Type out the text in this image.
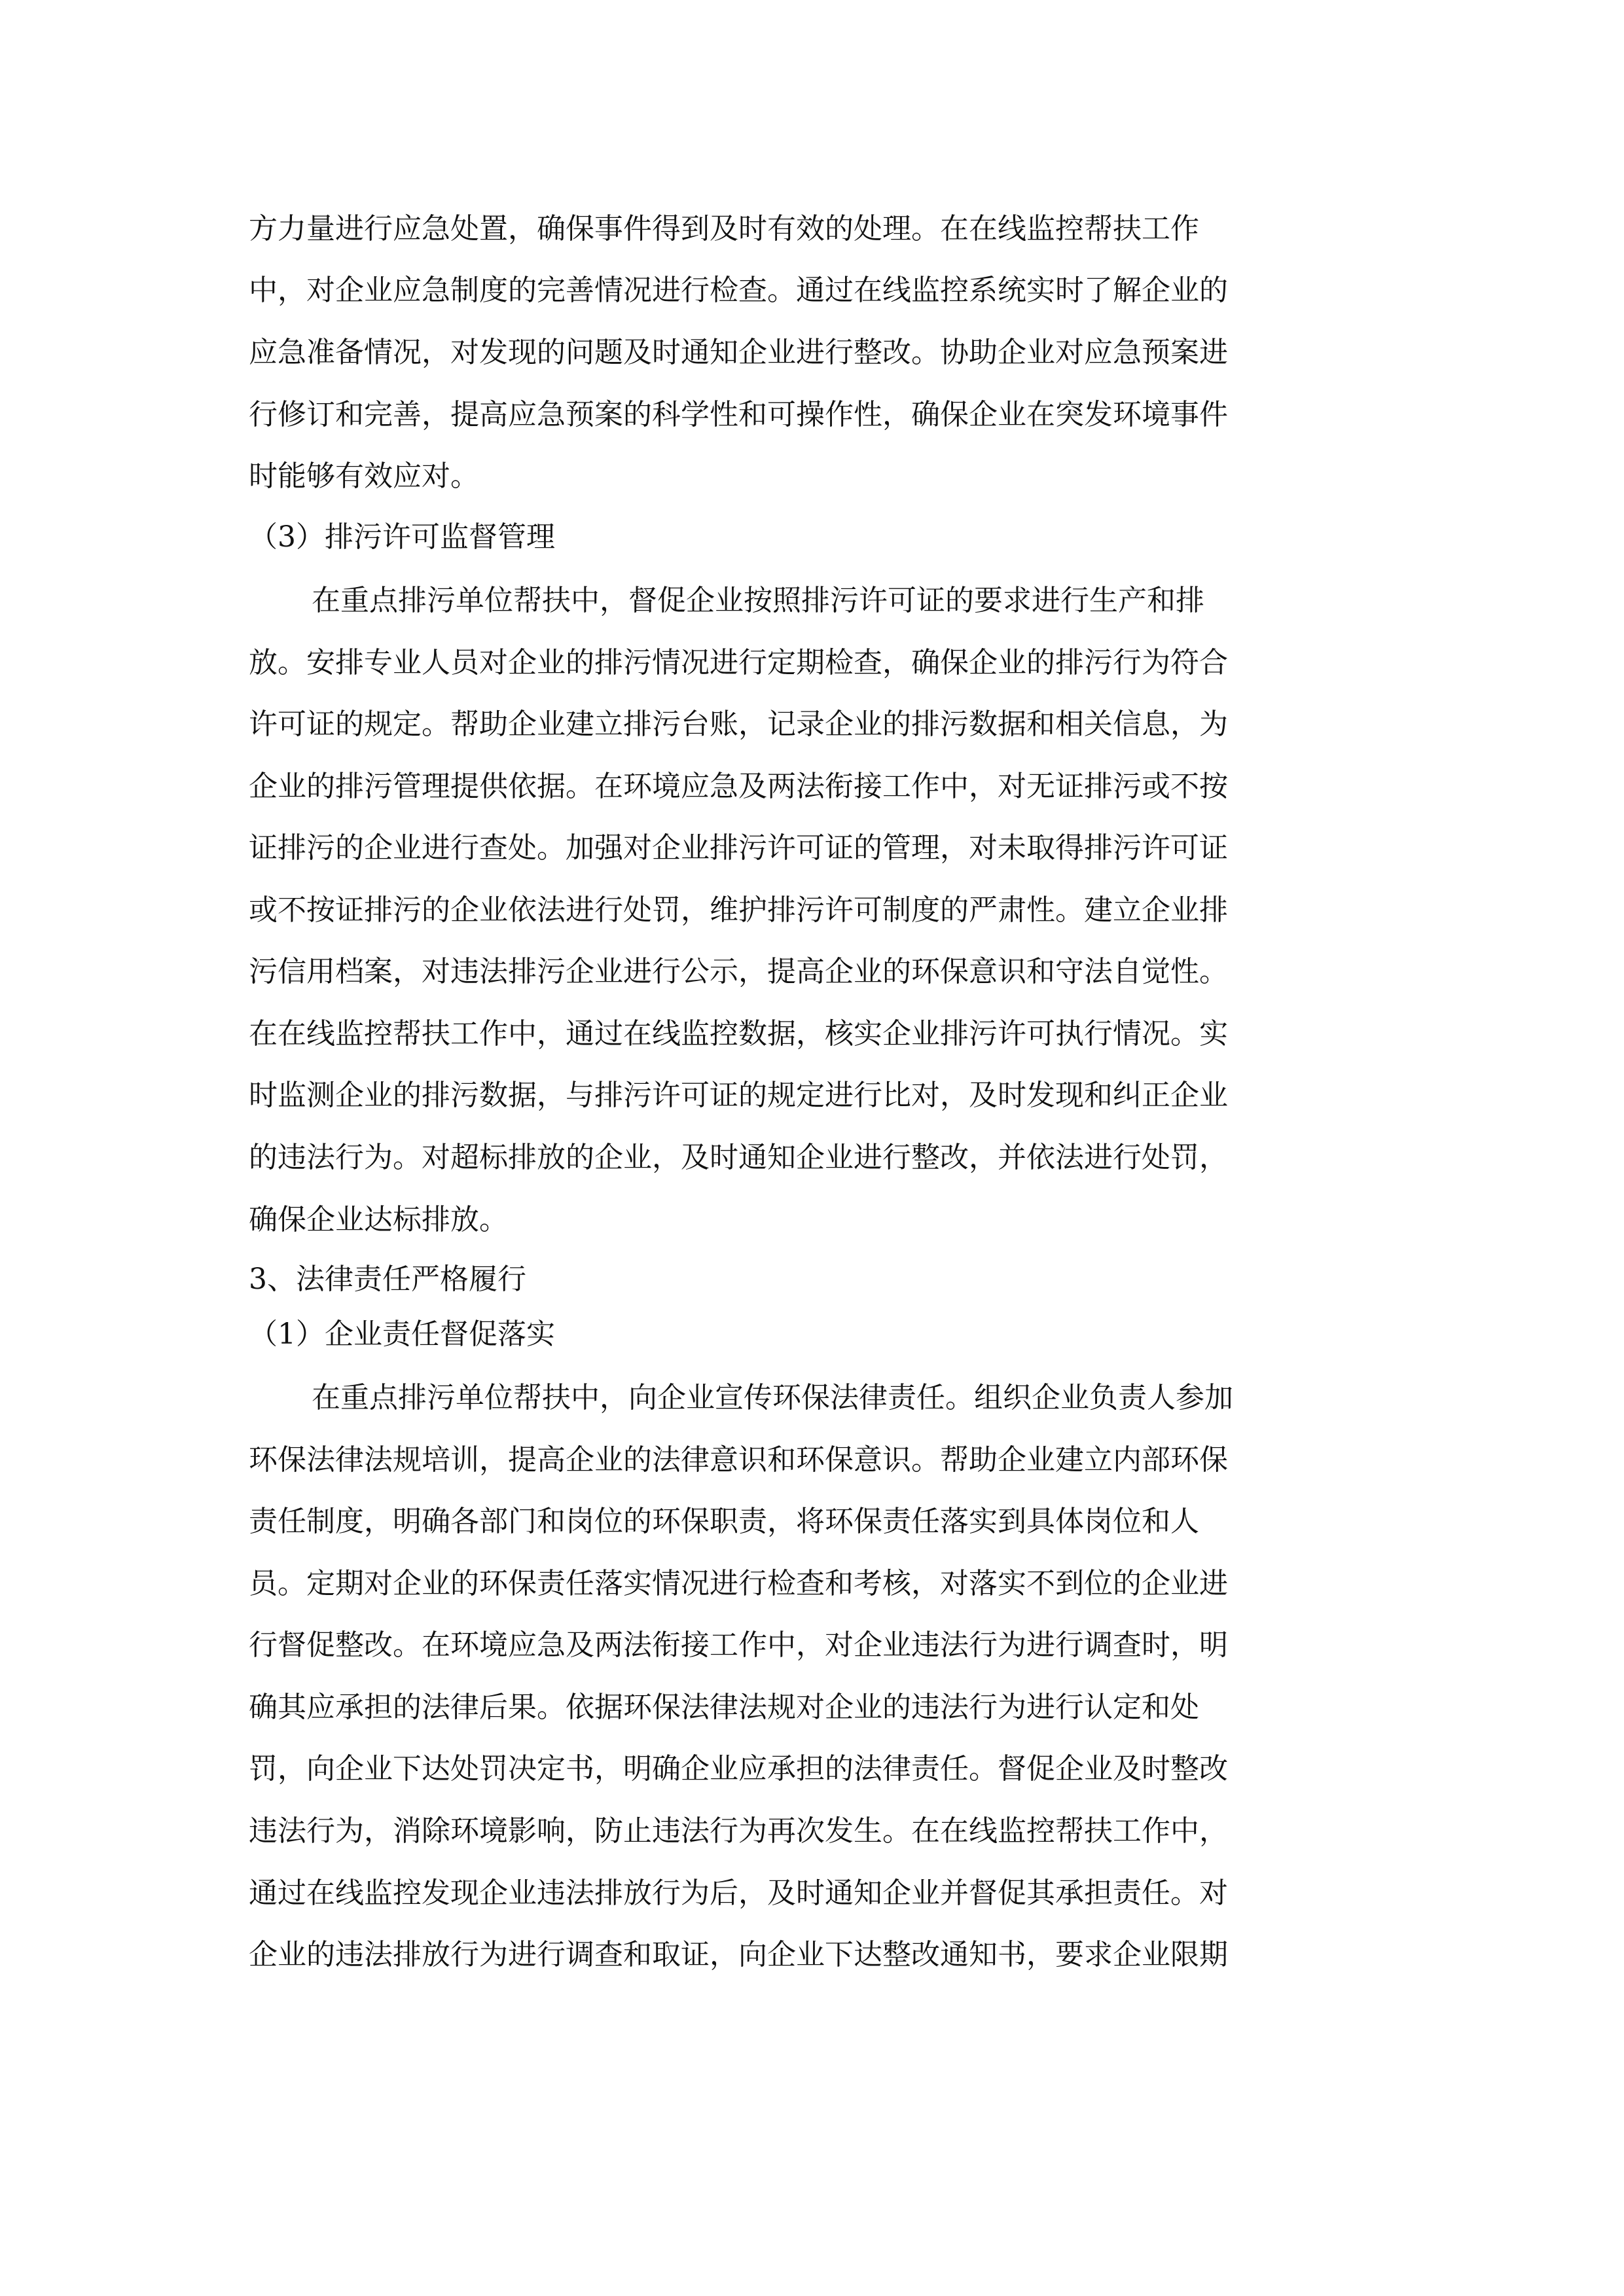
方力量进行应急处置，确保事件得到及时有效的处理。在在线监控帮扶工作
中，对企业应急制度的完善情况进行检查。通过在线监控系统实时了解企业的
应急准备情况，对发现的问题及时通知企业进行整改。协助企业对应急预案进
行修订和完善，提高应急预案的科学性和可操作性，确保企业在突发环境事件
时能够有效应对。
（3）排污许可监督管理
在重点排污单位帮扶中，督促企业按照排污许可证的要求进行生产和排
放。安排专业人员对企业的排污情况进行定期检查，确保企业的排污行为符合
许可证的规定。帮助企业建立排污台账，记录企业的排污数据和相关信息，为
企业的排污管理提供依据。在环境应急及两法衔接工作中，对无证排污或不按
证排污的企业进行查处。加强对企业排污许可证的管理，对未取得排污许可证
或不按证排污的企业依法进行处罚，维护排污许可制度的严肃性。建立企业排
污信用档案，对违法排污企业进行公示，提高企业的环保意识和守法自觉性。
在在线监控帮扶工作中，通过在线监控数据，核实企业排污许可执行情况。实
时监测企业的排污数据，与排污许可证的规定进行比对，及时发现和纠正企业
的违法行为。对超标排放的企业，及时通知企业进行整改，并依法进行处罚，
确保企业达标排放。
3、法律责任严格履行
（1）企业责任督促落实
在重点排污单位帮扶中，向企业宣传环保法律责任。组织企业负责人参加
环保法律法规培训，提高企业的法律意识和环保意识。帮助企业建立内部环保
责任制度，明确各部门和岗位的环保职责，将环保责任落实到具体岗位和人
员。定期对企业的环保责任落实情况进行检查和考核，对落实不到位的企业进
行督促整改。在环境应急及两法衔接工作中，对企业违法行为进行调查时，明
确其应承担的法律后果。依据环保法律法规对企业的违法行为进行认定和处
罚，向企业下达处罚决定书，明确企业应承担的法律责任。督促企业及时整改
违法行为，消除环境影响，防止违法行为再次发生。在在线监控帮扶工作中，
通过在线监控发现企业违法排放行为后，及时通知企业并督促其承担责任。对
企业的违法排放行为进行调查和取证，向企业下达整改通知书，要求企业限期
